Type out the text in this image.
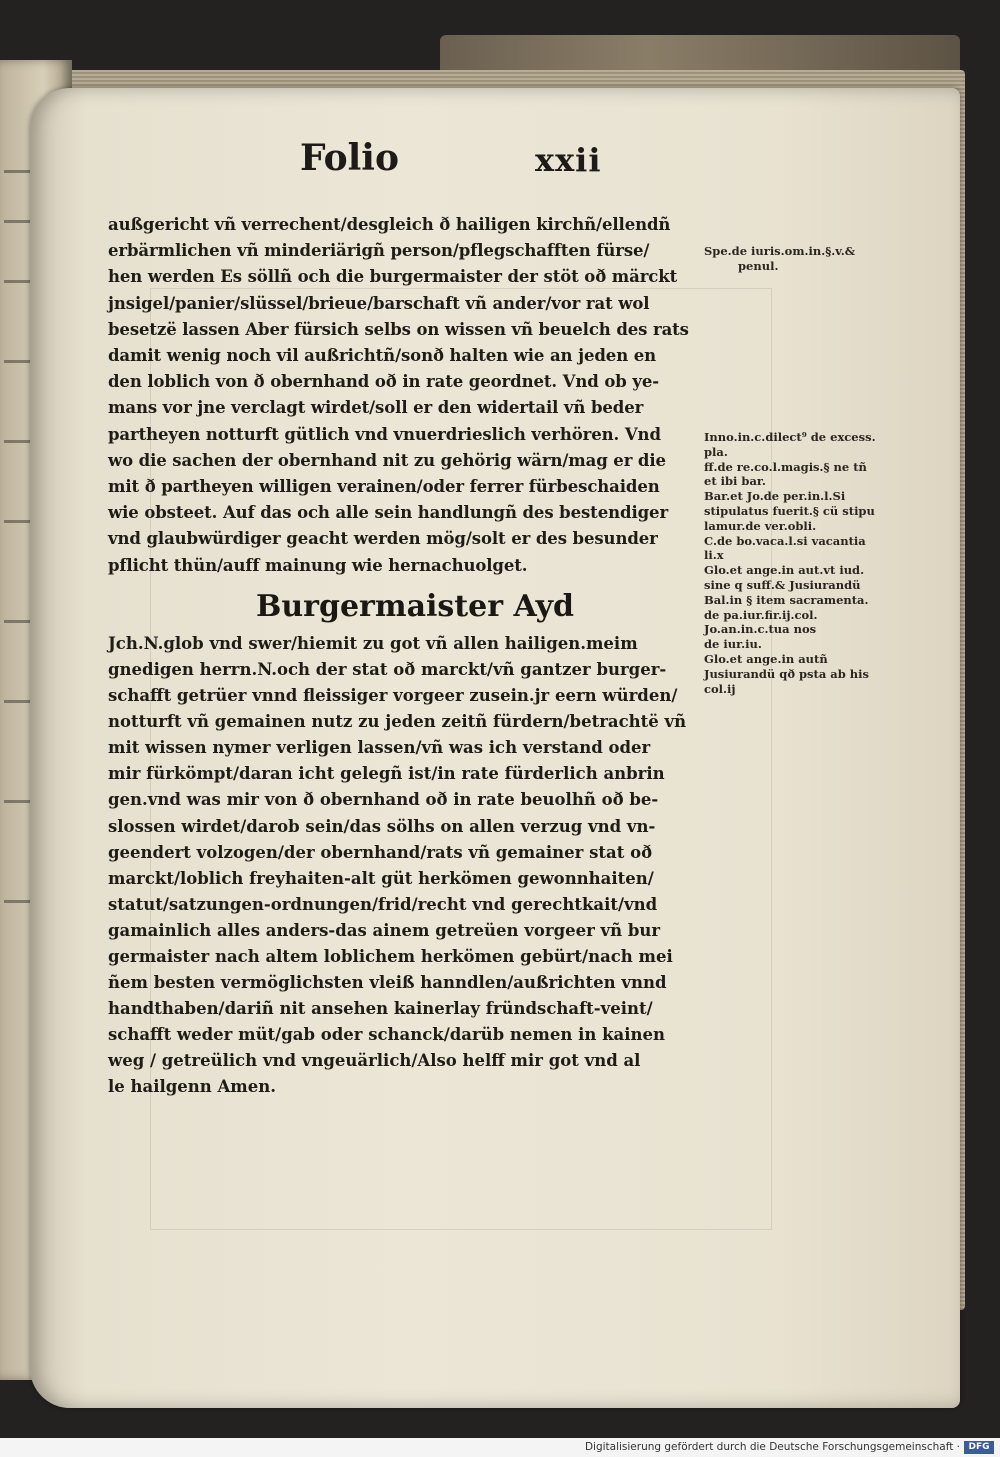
Folio	xxii
außgericht vñ verrechent/desgleich ð hailigen kirchñ/ellendñ
erbärmlichen vñ minderiärigñ person/pflegschafften fürse/
hen werden Es söllñ och die burgermaister der stöt oð märckt
jnsigel/panier/slüssel/brieue/barschaft vñ ander/vor rat wol
besetzë lassen Aber fürsich selbs on wissen vñ beuelch des rats
damit wenig noch vil außrichtñ/sonð halten wie an jeden en
den loblich von ð obernhand oð in rate geordnet. Vnd ob ye-
mans vor jne verclagt wirdet/soll er den widertail vñ beder
partheyen notturft gütlich vnd vnuerdrieslich verhören. Vnd
wo die sachen der obernhand nit zu gehörig wärn/mag er die
mit ð partheyen willigen verainen/oder ferrer fürbeschaiden
wie obsteet. Auf das och alle sein handlungñ des bestendiger
vnd glaubwürdiger geacht werden mög/solt er des besunder
pflicht thün/auff mainung wie hernachuolget.
Burgermaister Ayd
Jch.N.glob vnd swer/hiemit zu got vñ allen hailigen.meim
gnedigen herrn.N.och der stat oð marckt/vñ gantzer burger-
schafft getrüer vnnd fleissiger vorgeer zusein.jr eern würden/
notturft vñ gemainen nutz zu jeden zeitñ fürdern/betrachtë vñ
mit wissen nymer verligen lassen/vñ was ich verstand oder
mir fürkömpt/daran icht gelegñ ist/in rate fürderlich anbrin
gen.vnd was mir von ð obernhand oð in rate beuolhñ oð be-
slossen wirdet/darob sein/das sölhs on allen verzug vnd vn-
geendert volzogen/der obernhand/rats vñ gemainer stat oð
marckt/loblich freyhaiten-alt güt herkömen gewonnhaiten/
statut/satzungen-ordnungen/frid/recht vnd gerechtkait/vnd
gamainlich alles anders-das ainem getreüen vorgeer vñ bur
germaister nach altem loblichem herkömen gebürt/nach mei
ñem besten vermöglichsten vleiß hanndlen/außrichten vnnd
handthaben/dariñ nit ansehen kainerlay fründschaft-veint/
schafft weder müt/gab oder schanck/darüb nemen in kainen
weg / getreülich vnd vngeuärlich/Also helff mir got vnd al
le hailgenn Amen.
Spe.de iuris.om.in.§.v.&
penul.
Inno.in.c.dilect⁹ de excess.
pla.
ff.de re.co.l.magis.§ ne tñ
et ibi bar.
Bar.et Jo.de per.in.l.Si
stipulatus fuerit.§ cü stipu
lamur.de ver.obli.
C.de bo.vaca.l.si vacantia
li.x
Glo.et ange.in aut.vt iud.
sine q suff.& Jusiurandü
Bal.in § item sacramenta.
de pa.iur.fir.ij.col.
Jo.an.in.c.tua nos
de iur.iu.
Glo.et ange.in autñ
Jusiurandü qð psta ab his
col.ij
Digitalisierung gefördert durch die Deutsche Forschungsgemeinschaft · DFG
